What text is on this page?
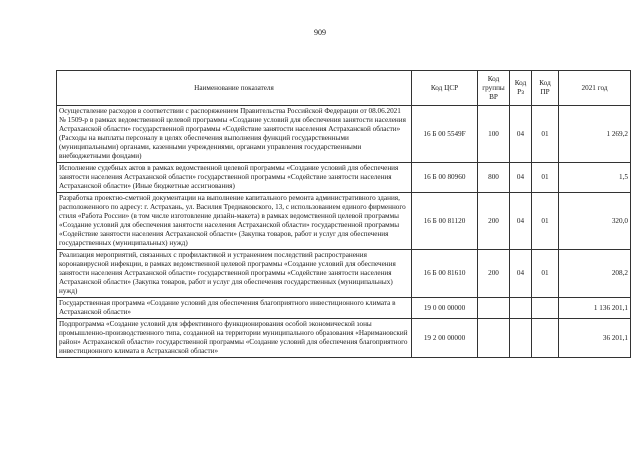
909
Наименование показателя	Код ЦСР	Код группы ВР	Код Рз	Код ПР	2021 год
Осуществление расходов в соответствии с распоряжением Правительства Российской Федерации от 08.06.2021 № 1509-р в рамках ведомственной целевой программы «Создание условий для обеспечения занятости населения Астраханской области» государственной программы «Содействие занятости населения Астраханской области» (Расходы на выплаты персоналу в целях обеспечения выполнения функций государственными (муниципальными) органами, казенными учреждениями, органами управления государственными внебюджетными фондами)	16 Б 00 5549F	100	04	01	1 269,2
Исполнение судебных актов в рамках ведомственной целевой программы «Создание условий для обеспечения занятости населения Астраханской области» государственной программы «Содействие занятости населения Астраханской области» (Иные бюджетные ассигнования)	16 Б 00 80960	800	04	01	1,5
Разработка проектно-сметной документации на выполнение капитального ремонта административного здания, расположенного по адресу: г. Астрахань, ул. Василия Тредиаковского, 13, с использованием единого фирменного стиля «Работа России» (в том числе изготовление дизайн-макета) в рамках ведомственной целевой программы «Создание условий для обеспечения занятости населения Астраханской области» государственной программы «Содействие занятости населения Астраханской области» (Закупка товаров, работ и услуг для обеспечения государственных (муниципальных) нужд)	16 Б 00 81120	200	04	01	320,0
Реализация мероприятий, связанных с профилактикой и устранением последствий распространения коронавирусной инфекции, в рамках ведомственной целевой программы «Создание условий для обеспечения занятости населения Астраханской области» государственной программы «Содействие занятости населения Астраханской области» (Закупка товаров, работ и услуг для обеспечения государственных (муниципальных) нужд)	16 Б 00 81610	200	04	01	208,2
Государственная программа «Создание условий для обеспечения благоприятного инвестиционного климата в Астраханской области»	19 0 00 00000				1 136 201,1
Подпрограмма «Создание условий для эффективного функционирования особой экономической зоны промышленно-производственного типа, созданной на территории муниципального образования «Наримановский район» Астраханской области» государственной программы «Создание условий для обеспечения благоприятного инвестиционного климата в Астраханской области»	19 2 00 00000				36 201,1
